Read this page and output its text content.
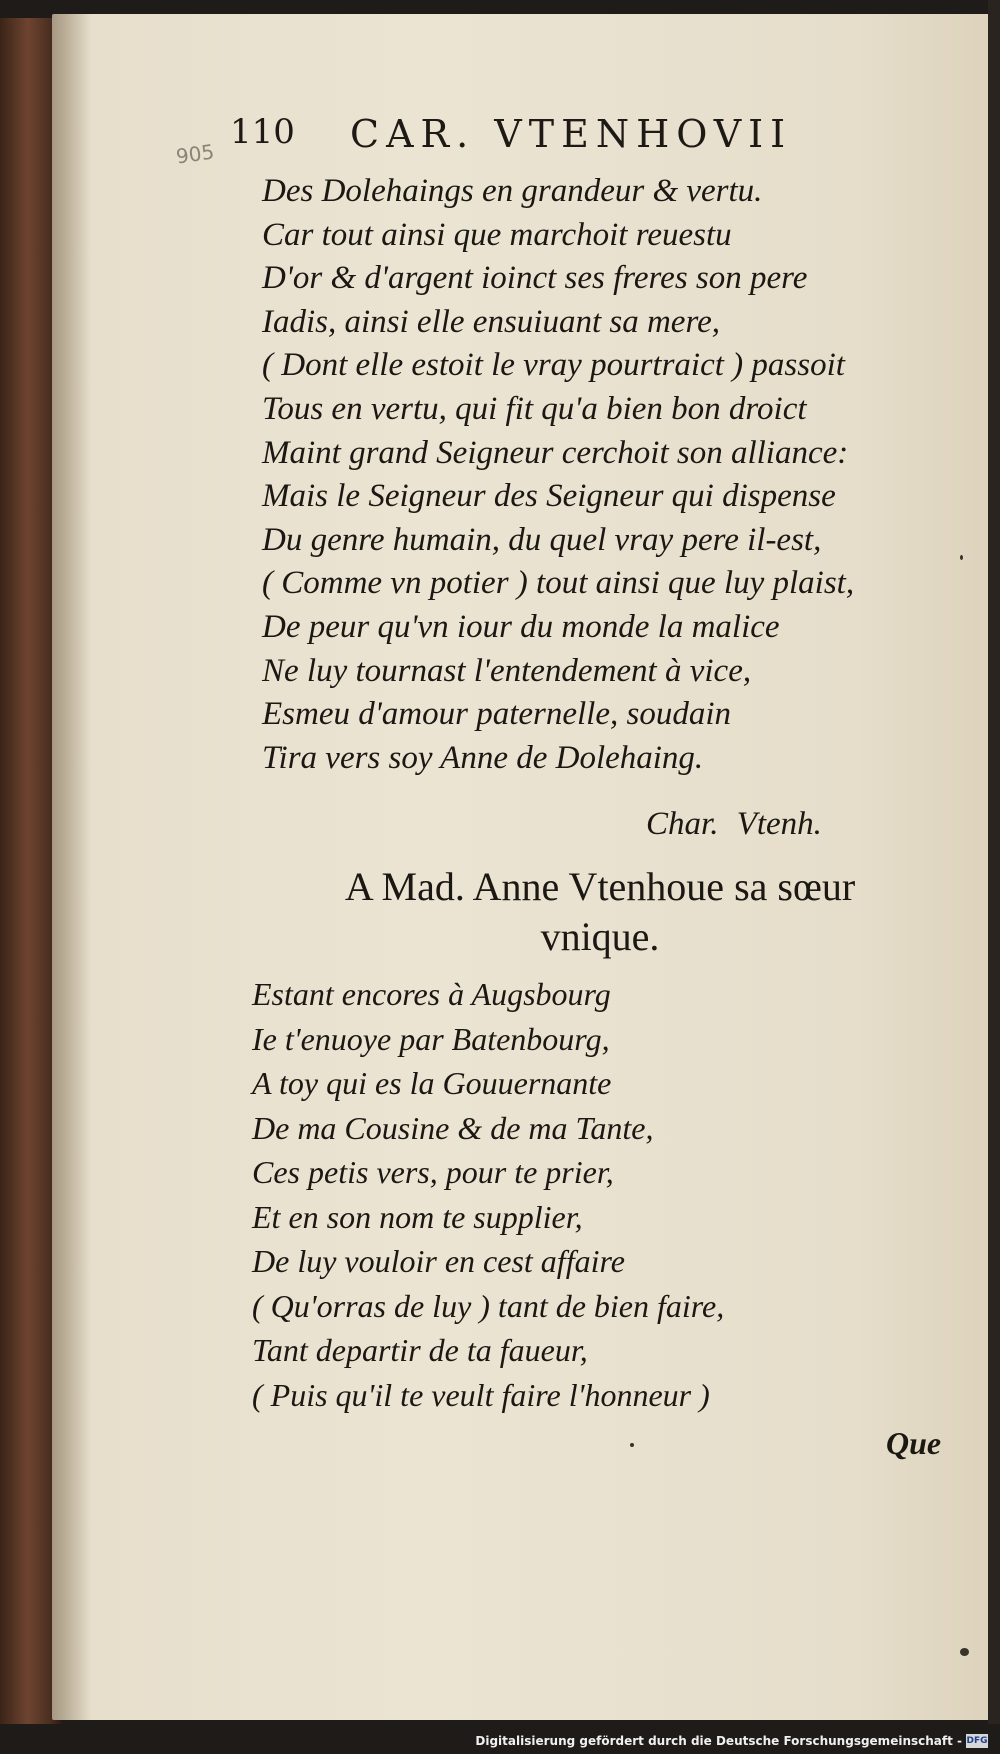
905
110 CAR. VTENHOVII
Des Dolehaings en grandeur & vertu.
Car tout ainsi que marchoit reuestu
D'or & d'argent ioinct ses freres son pere
Iadis, ainsi elle ensuiuant sa mere,
( Dont elle estoit le vray pourtraict ) passoit
Tous en vertu, qui fit qu'a bien bon droict
Maint grand Seigneur cerchoit son alliance:
Mais le Seigneur des Seigneur qui dispense
Du genre humain, du quel vray pere il-est,
( Comme vn potier ) tout ainsi que luy plaist,
De peur qu'vn iour du monde la malice
Ne luy tournast l'entendement à vice,
Esmeu d'amour paternelle, soudain
Tira vers soy Anne de Dolehaing.
Char. Vtenh.
A Mad. Anne Vtenhoue sa sœur
vnique.
Estant encores à Augsbourg
Ie t'enuoye par Batenbourg,
A toy qui es la Gouuernante
De ma Cousine & de ma Tante,
Ces petis vers, pour te prier,
Et en son nom te supplier,
De luy vouloir en cest affaire
( Qu'orras de luy ) tant de bien faire,
Tant departir de ta faueur,
( Puis qu'il te veult faire l'honneur )
Que
Digitalisierung gefördert durch die Deutsche Forschungsgemeinschaft - DFG
